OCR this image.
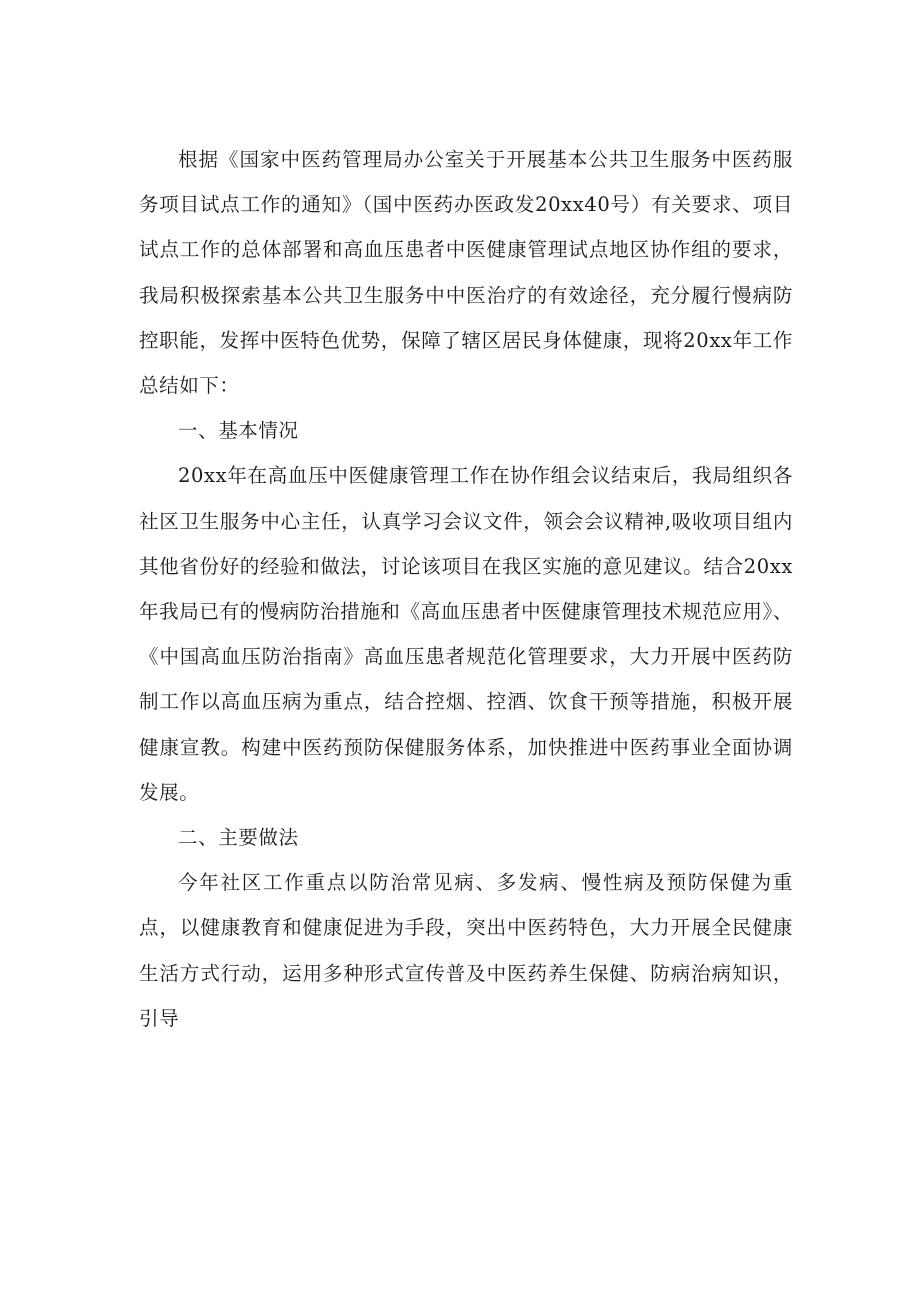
根据《国家中医药管理局办公室关于开展基本公共卫生服务中医药服务项目试点工作的通知》（国中医药办医政发20xx40号）有关要求、项目试点工作的总体部署和高血压患者中医健康管理试点地区协作组的要求，我局积极探索基本公共卫生服务中中医治疗的有效途径，充分履行慢病防控职能，发挥中医特色优势，保障了辖区居民身体健康，现将20xx年工作总结如下：

一、基本情况

20xx年在高血压中医健康管理工作在协作组会议结束后，我局组织各社区卫生服务中心主任，认真学习会议文件，领会会议精神,吸收项目组内其他省份好的经验和做法，讨论该项目在我区实施的意见建议。结合20xx年我局已有的慢病防治措施和《高血压患者中医健康管理技术规范应用》、《中国高血压防治指南》高血压患者规范化管理要求，大力开展中医药防制工作以高血压病为重点，结合控烟、控酒、饮食干预等措施，积极开展健康宣教。构建中医药预防保健服务体系，加快推进中医药事业全面协调发展。

二、主要做法

今年社区工作重点以防治常见病、多发病、慢性病及预防保健为重点，以健康教育和健康促进为手段，突出中医药特色，大力开展全民健康生活方式行动，运用多种形式宣传普及中医药养生保健、防病治病知识，引导
